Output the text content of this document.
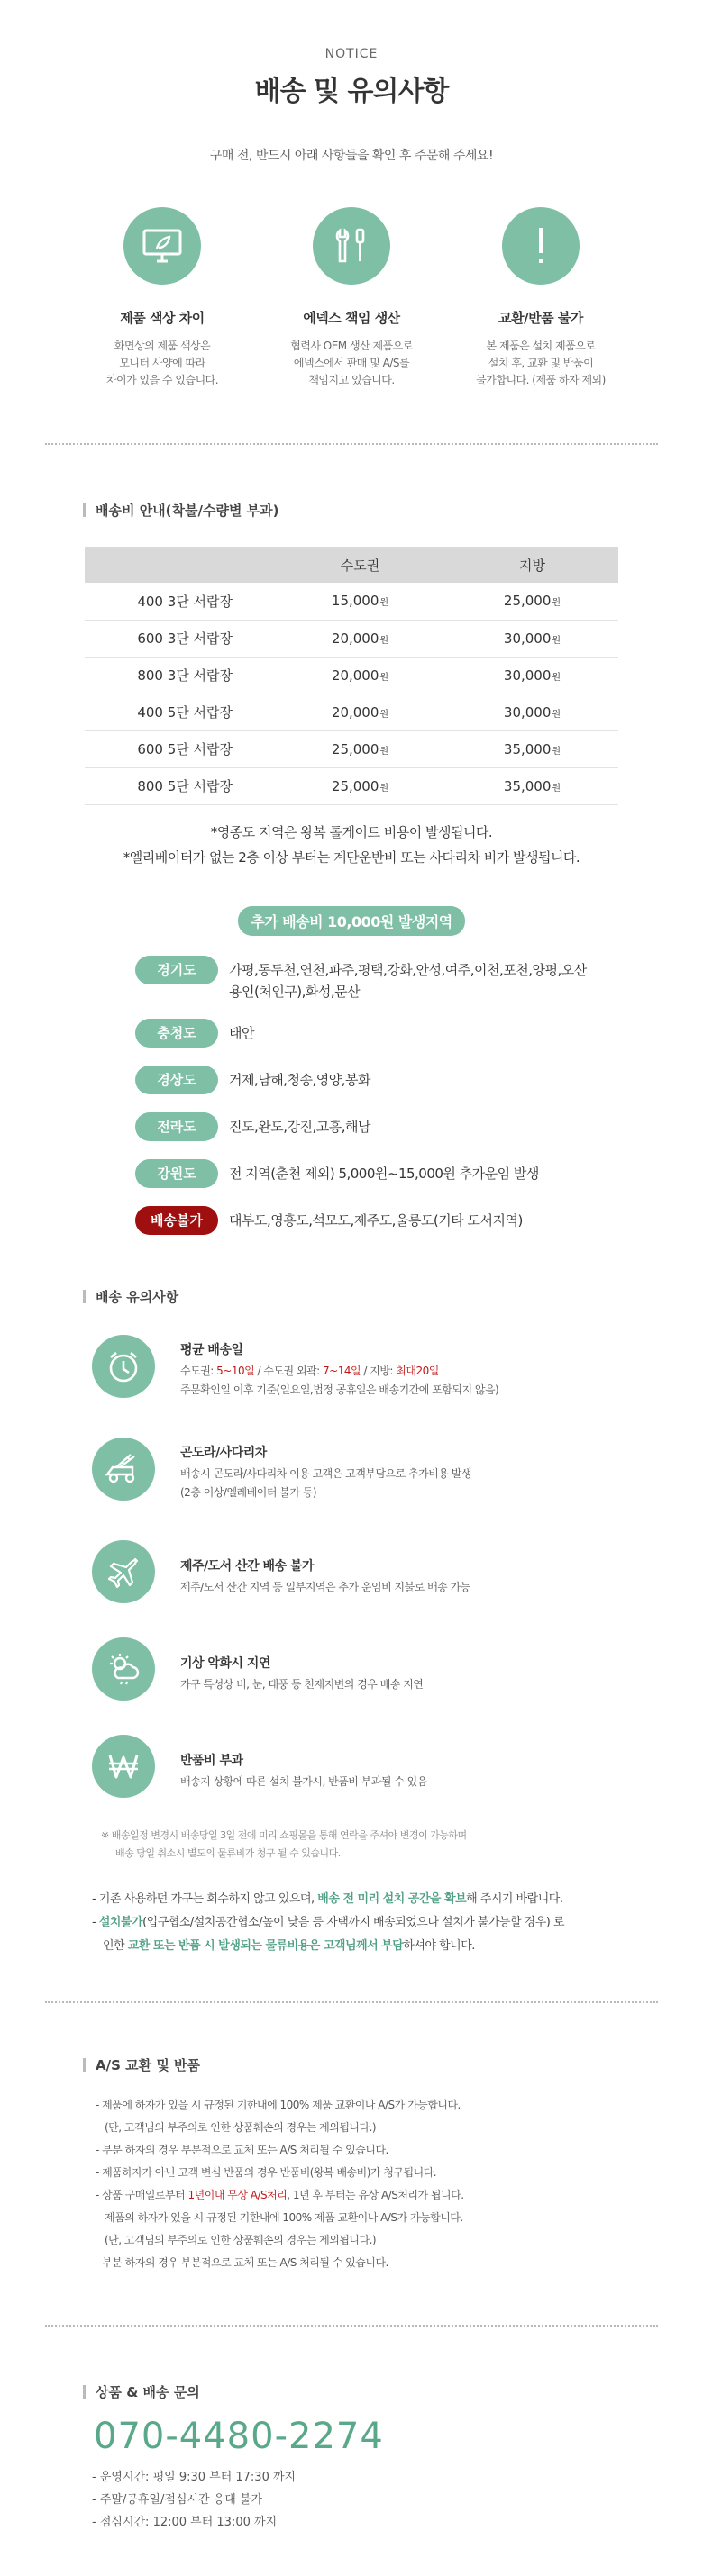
NOTICE
배송 및 유의사항
구매 전, 반드시 아래 사항들을 확인 후 주문해 주세요!
제품 색상 차이
화면상의 제품 색상은
모니터 사양에 따라
차이가 있을 수 있습니다.
에넥스 책임 생산
협력사 OEM 생산 제품으로
에넥스에서 판매 및 A/S를
책임지고 있습니다.
교환/반품 불가
본 제품은 설치 제품으로
설치 후, 교환 및 반품이
불가합니다. (제품 하자 제외)
배송비 안내(착불/수량별 부과)
	수도권	지방
400 3단 서랍장	15,000원	25,000원
600 3단 서랍장	20,000원	30,000원
800 3단 서랍장	20,000원	30,000원
400 5단 서랍장	20,000원	30,000원
600 5단 서랍장	25,000원	35,000원
800 5단 서랍장	25,000원	35,000원
*영종도 지역은 왕복 톨게이트 비용이 발생됩니다.
*엘리베이터가 없는 2층 이상 부터는 계단운반비 또는 사다리차 비가 발생됩니다.
추가 배송비 10,000원 발생지역
경기도	가평,동두천,연천,파주,평택,강화,안성,여주,이천,포천,양평,오산
용인(처인구),화성,문산
충청도	태안
경상도	거제,남해,청송,영양,봉화
전라도	진도,완도,강진,고흥,해남
강원도	전 지역(춘천 제외) 5,000원~15,000원 추가운임 발생
배송불가	대부도,영흥도,석모도,제주도,울릉도(기타 도서지역)
배송 유의사항
평균 배송일
수도권: 5~10일 / 수도권 외곽: 7~14일 / 지방: 최대20일
주문확인일 이후 기준(일요일,법정 공휴일은 배송기간에 포함되지 않음)
곤도라/사다리차
배송시 곤도라/사다리차 이용 고객은 고객부담으로 추가비용 발생
(2층 이상/엘레베이터 불가 등)
제주/도서 산간 배송 불가
제주/도서 산간 지역 등 일부지역은 추가 운임비 지불로 배송 가능
기상 악화시 지연
가구 특성상 비, 눈, 태풍 등 천재지변의 경우 배송 지연
반품비 부과
배송지 상황에 따른 설치 불가시, 반품비 부과될 수 있음
※ 배송일정 변경시 배송당일 3일 전에 미리 쇼핑몰을 통해 연락을 주셔야 변경이 가능하며
배송 당일 취소시 별도의 물류비가 청구 될 수 있습니다.
- 기존 사용하던 가구는 회수하지 않고 있으며, 배송 전 미리 설치 공간을 확보해 주시기 바랍니다.
- 설치불가(입구협소/설치공간협소/높이 낮음 등 자택까지 배송되었으나 설치가 불가능할 경우) 로
인한 교환 또는 반품 시 발생되는 물류비용은 고객님께서 부담하셔야 합니다.
A/S 교환 및 반품
- 제품에 하자가 있을 시 규정된 기한내에 100% 제품 교환이나 A/S가 가능합니다.
(단, 고객님의 부주의로 인한 상품훼손의 경우는 제외됩니다.)
- 부분 하자의 경우 부분적으로 교체 또는 A/S 처리될 수 있습니다.
- 제품하자가 아닌 고객 변심 반품의 경우 반품비(왕복 배송비)가 청구됩니다.
- 상품 구매일로부터 1년이내 무상 A/S처리, 1년 후 부터는 유상 A/S처리가 됩니다.
제품의 하자가 있을 시 규정된 기한내에 100% 제품 교환이나 A/S가 가능합니다.
(단, 고객님의 부주의로 인한 상품훼손의 경우는 제외됩니다.)
- 부분 하자의 경우 부분적으로 교체 또는 A/S 처리될 수 있습니다.
상품 & 배송 문의
070-4480-2274
- 운영시간: 평일 9:30 부터 17:30 까지
- 주말/공휴일/점심시간 응대 불가
- 점심시간: 12:00 부터 13:00 까지
